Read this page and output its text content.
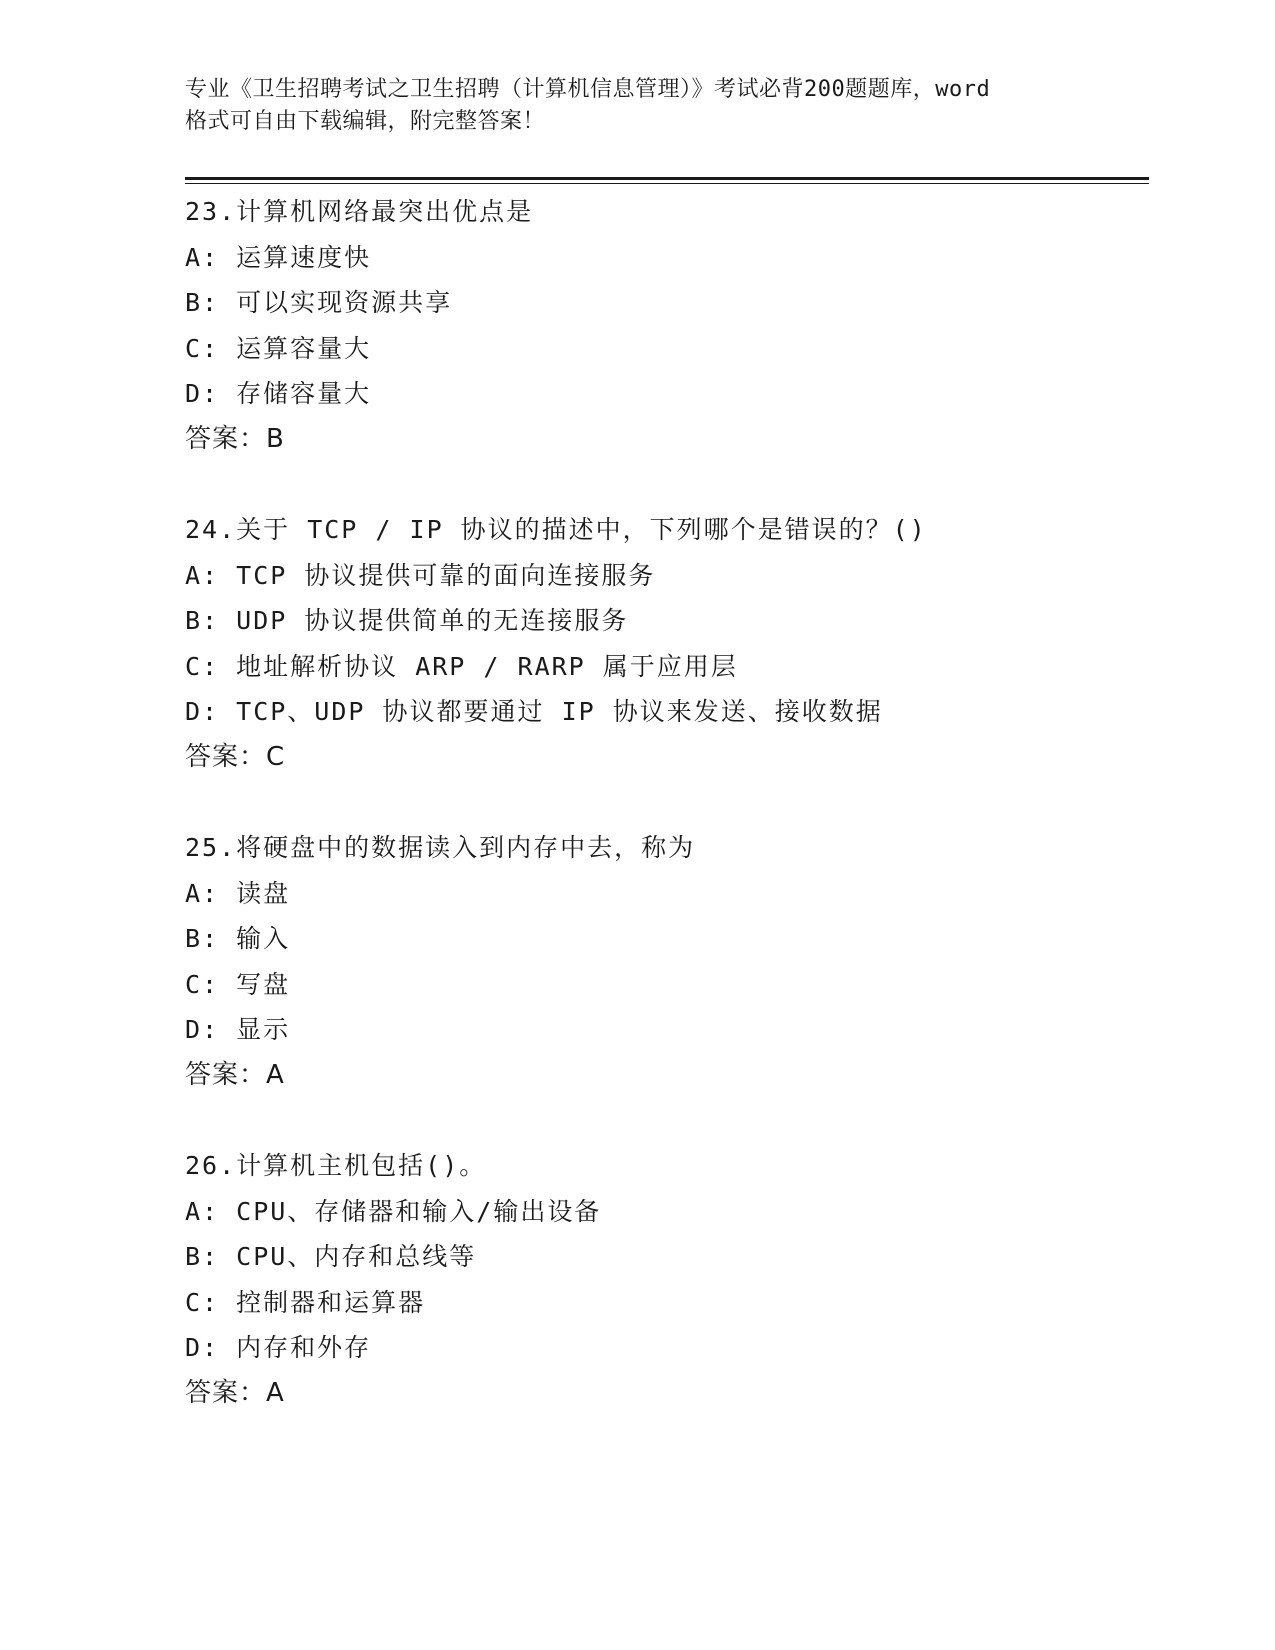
专业《卫生招聘考试之卫生招聘（计算机信息管理）》考试必背200题题库，word
格式可自由下载编辑，附完整答案！
23.计算机网络最突出优点是
A: 运算速度快
B: 可以实现资源共享
C: 运算容量大
D: 存储容量大
答案：B
24.关于 TCP / IP 协议的描述中，下列哪个是错误的？()
A: TCP 协议提供可靠的面向连接服务
B: UDP 协议提供简单的无连接服务
C: 地址解析协议 ARP / RARP 属于应用层
D: TCP、UDP 协议都要通过 IP 协议来发送、接收数据
答案：C
25.将硬盘中的数据读入到内存中去，称为
A: 读盘
B: 输入
C: 写盘
D: 显示
答案：A
26.计算机主机包括()。
A: CPU、存储器和输入/输出设备
B: CPU、内存和总线等
C: 控制器和运算器
D: 内存和外存
答案：A
